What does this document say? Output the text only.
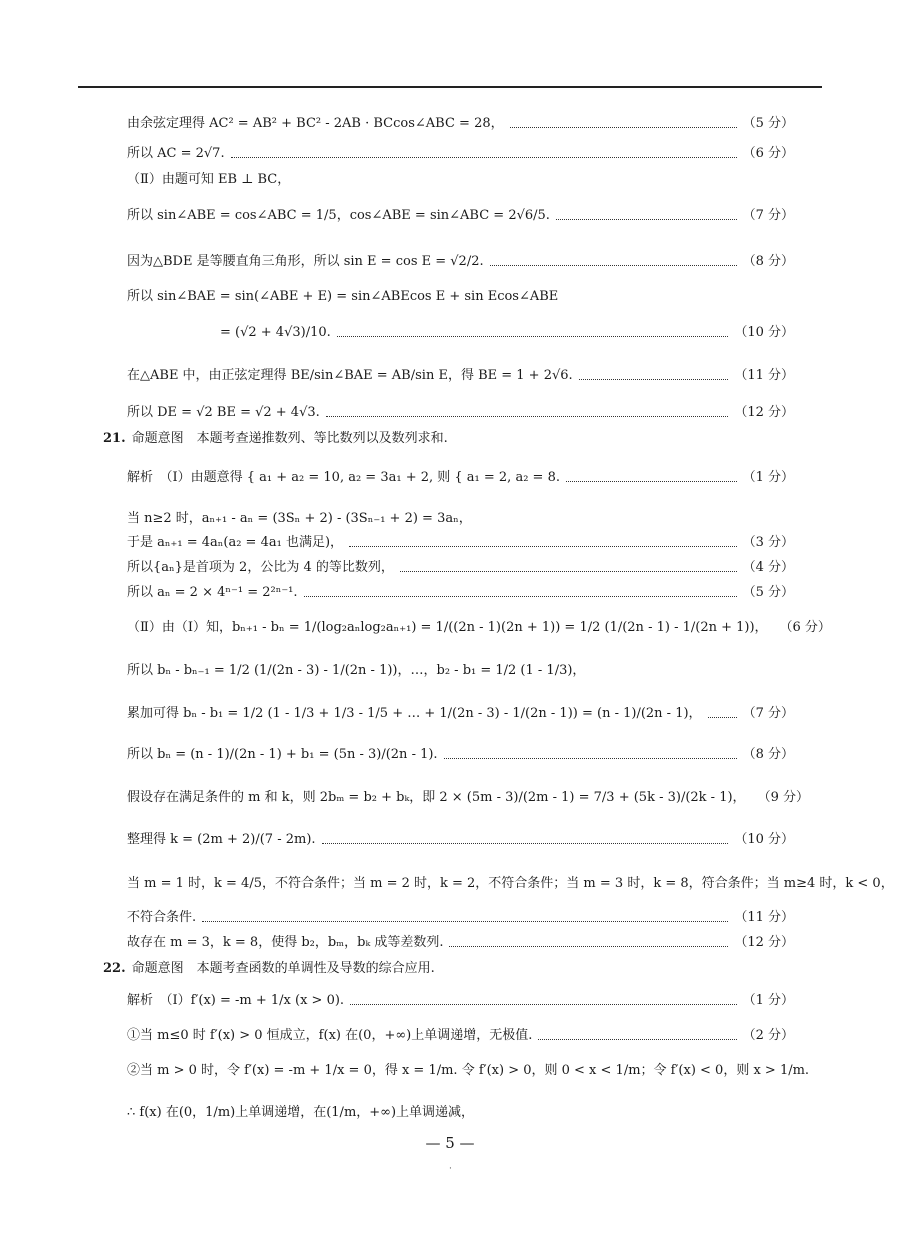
由余弦定理得 AC² = AB² + BC² - 2AB · BCcos∠ABC = 28，	（5 分）
所以 AC = 2√7.	（6 分）
（Ⅱ）由题可知 EB ⊥ BC，
所以 sin∠ABE = cos∠ABC = 1/5，cos∠ABE = sin∠ABC = 2√6/5.	（7 分）
因为△BDE 是等腰直角三角形，所以 sin E = cos E = √2/2.	（8 分）
所以 sin∠BAE = sin(∠ABE + E) = sin∠ABEcos E + sin Ecos∠ABE
= (√2 + 4√3)/10.	（10 分）
在△ABE 中，由正弦定理得 BE/sin∠BAE = AB/sin E，得 BE = 1 + 2√6.	（11 分）
所以 DE = √2 BE = √2 + 4√3.	（12 分）
21. 命题意图　本题考查递推数列、等比数列以及数列求和.
解析　（Ⅰ）由题意得 { a₁ + a₂ = 10, a₂ = 3a₁ + 2, 则 { a₁ = 2, a₂ = 8.	（1 分）
当 n≥2 时，aₙ₊₁ - aₙ = (3Sₙ + 2) - (3Sₙ₋₁ + 2) = 3aₙ，
于是 aₙ₊₁ = 4aₙ(a₂ = 4a₁ 也满足)，	（3 分）
所以{aₙ}是首项为 2，公比为 4 的等比数列，	（4 分）
所以 aₙ = 2 × 4ⁿ⁻¹ = 2²ⁿ⁻¹.	（5 分）
（Ⅱ）由（Ⅰ）知，bₙ₊₁ - bₙ = 1/(log₂aₙlog₂aₙ₊₁) = 1/((2n - 1)(2n + 1)) = 1/2 (1/(2n - 1) - 1/(2n + 1))， （6 分）
所以 bₙ - bₙ₋₁ = 1/2 (1/(2n - 3) - 1/(2n - 1))，…，b₂ - b₁ = 1/2 (1 - 1/3)，
累加可得 bₙ - b₁ = 1/2 (1 - 1/3 + 1/3 - 1/5 + … + 1/(2n - 3) - 1/(2n - 1)) = (n - 1)/(2n - 1)，	（7 分）
所以 bₙ = (n - 1)/(2n - 1) + b₁ = (5n - 3)/(2n - 1).	（8 分）
假设存在满足条件的 m 和 k，则 2bₘ = b₂ + bₖ，即 2 × (5m - 3)/(2m - 1) = 7/3 + (5k - 3)/(2k - 1)， （9 分）
整理得 k = (2m + 2)/(7 - 2m).	（10 分）
当 m = 1 时，k = 4/5，不符合条件；当 m = 2 时，k = 2，不符合条件；当 m = 3 时，k = 8，符合条件；当 m≥4 时，k < 0，
不符合条件.	（11 分）
故存在 m = 3，k = 8，使得 b₂，bₘ，bₖ 成等差数列.	（12 分）
22. 命题意图　本题考查函数的单调性及导数的综合应用.
解析　（Ⅰ）f′(x) = -m + 1/x (x > 0).	（1 分）
①当 m≤0 时 f′(x) > 0 恒成立，f(x) 在(0，+∞)上单调递增，无极值.	（2 分）
②当 m > 0 时，令 f′(x) = -m + 1/x = 0，得 x = 1/m. 令 f′(x) > 0，则 0 < x < 1/m；令 f′(x) < 0，则 x > 1/m.
∴ f(x) 在(0，1/m)上单调递增，在(1/m，+∞)上单调递减，
— 5 —
·
